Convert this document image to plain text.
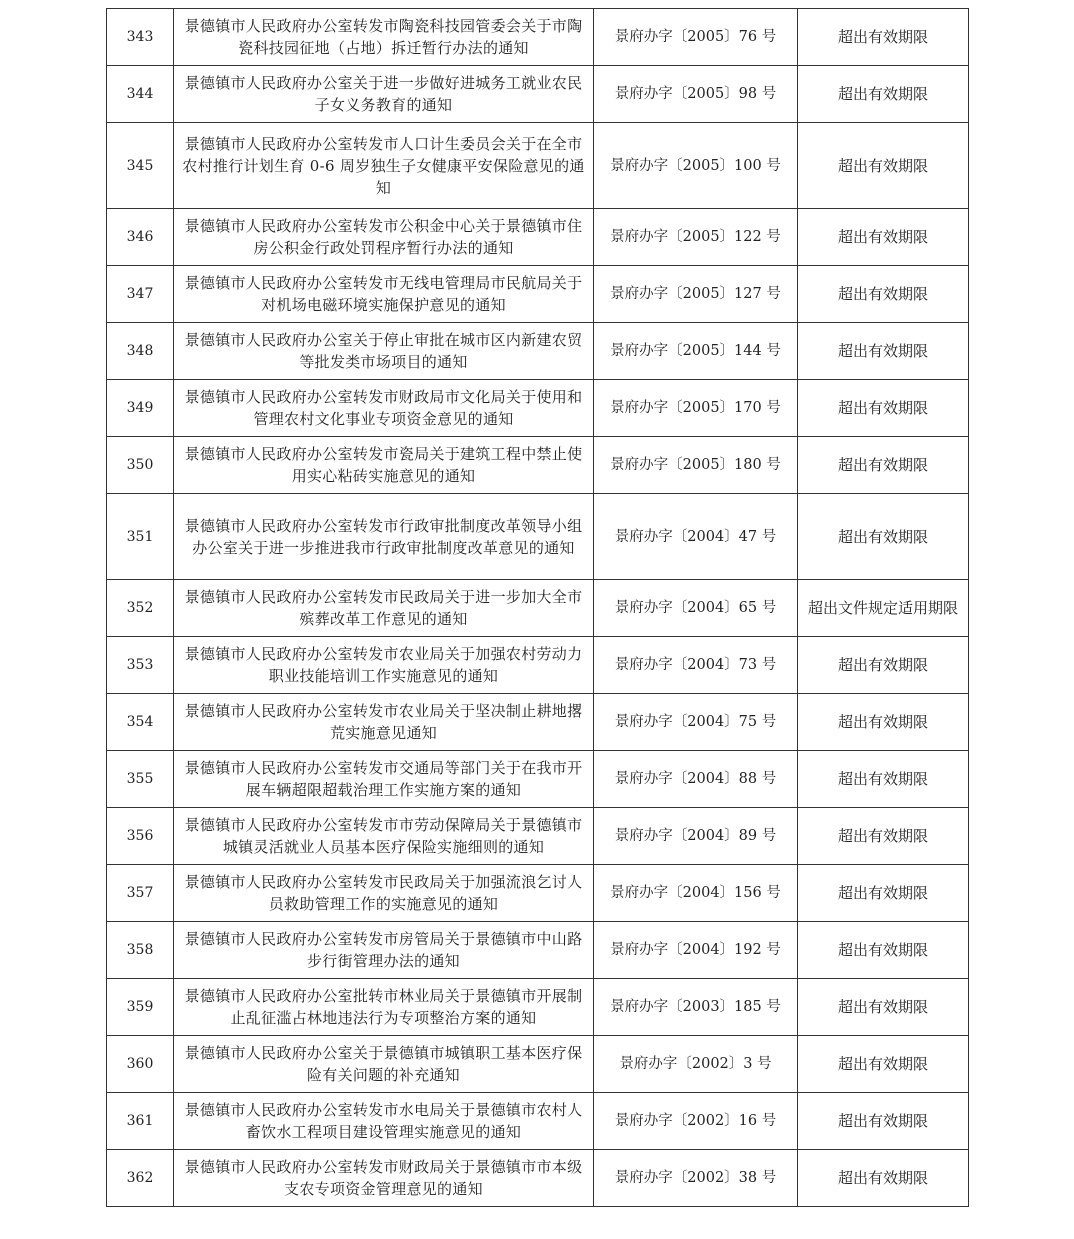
343	景德镇市人民政府办公室转发市陶瓷科技园管委会关于市陶瓷科技园征地（占地）拆迁暂行办法的通知	景府办字〔2005〕76 号	超出有效期限
344	景德镇市人民政府办公室关于进一步做好进城务工就业农民子女义务教育的通知	景府办字〔2005〕98 号	超出有效期限
345	景德镇市人民政府办公室转发市人口计生委员会关于在全市农村推行计划生育 0-6 周岁独生子女健康平安保险意见的通知	景府办字〔2005〕100 号	超出有效期限
346	景德镇市人民政府办公室转发市公积金中心关于景德镇市住房公积金行政处罚程序暂行办法的通知	景府办字〔2005〕122 号	超出有效期限
347	景德镇市人民政府办公室转发市无线电管理局市民航局关于对机场电磁环境实施保护意见的通知	景府办字〔2005〕127 号	超出有效期限
348	景德镇市人民政府办公室关于停止审批在城市区内新建农贸等批发类市场项目的通知	景府办字〔2005〕144 号	超出有效期限
349	景德镇市人民政府办公室转发市财政局市文化局关于使用和管理农村文化事业专项资金意见的通知	景府办字〔2005〕170 号	超出有效期限
350	景德镇市人民政府办公室转发市瓷局关于建筑工程中禁止使用实心粘砖实施意见的通知	景府办字〔2005〕180 号	超出有效期限
351	景德镇市人民政府办公室转发市行政审批制度改革领导小组办公室关于进一步推进我市行政审批制度改革意见的通知	景府办字〔2004〕47 号	超出有效期限
352	景德镇市人民政府办公室转发市民政局关于进一步加大全市殡葬改革工作意见的通知	景府办字〔2004〕65 号	超出文件规定适用期限
353	景德镇市人民政府办公室转发市农业局关于加强农村劳动力职业技能培训工作实施意见的通知	景府办字〔2004〕73 号	超出有效期限
354	景德镇市人民政府办公室转发市农业局关于坚决制止耕地撂荒实施意见通知	景府办字〔2004〕75 号	超出有效期限
355	景德镇市人民政府办公室转发市交通局等部门关于在我市开展车辆超限超载治理工作实施方案的通知	景府办字〔2004〕88 号	超出有效期限
356	景德镇市人民政府办公室转发市市劳动保障局关于景德镇市城镇灵活就业人员基本医疗保险实施细则的通知	景府办字〔2004〕89 号	超出有效期限
357	景德镇市人民政府办公室转发市民政局关于加强流浪乞讨人员救助管理工作的实施意见的通知	景府办字〔2004〕156 号	超出有效期限
358	景德镇市人民政府办公室转发市房管局关于景德镇市中山路步行街管理办法的通知	景府办字〔2004〕192 号	超出有效期限
359	景德镇市人民政府办公室批转市林业局关于景德镇市开展制止乱征滥占林地违法行为专项整治方案的通知	景府办字〔2003〕185 号	超出有效期限
360	景德镇市人民政府办公室关于景德镇市城镇职工基本医疗保险有关问题的补充通知	景府办字〔2002〕3 号	超出有效期限
361	景德镇市人民政府办公室转发市水电局关于景德镇市农村人畜饮水工程项目建设管理实施意见的通知	景府办字〔2002〕16 号	超出有效期限
362	景德镇市人民政府办公室转发市财政局关于景德镇市市本级支农专项资金管理意见的通知	景府办字〔2002〕38 号	超出有效期限
